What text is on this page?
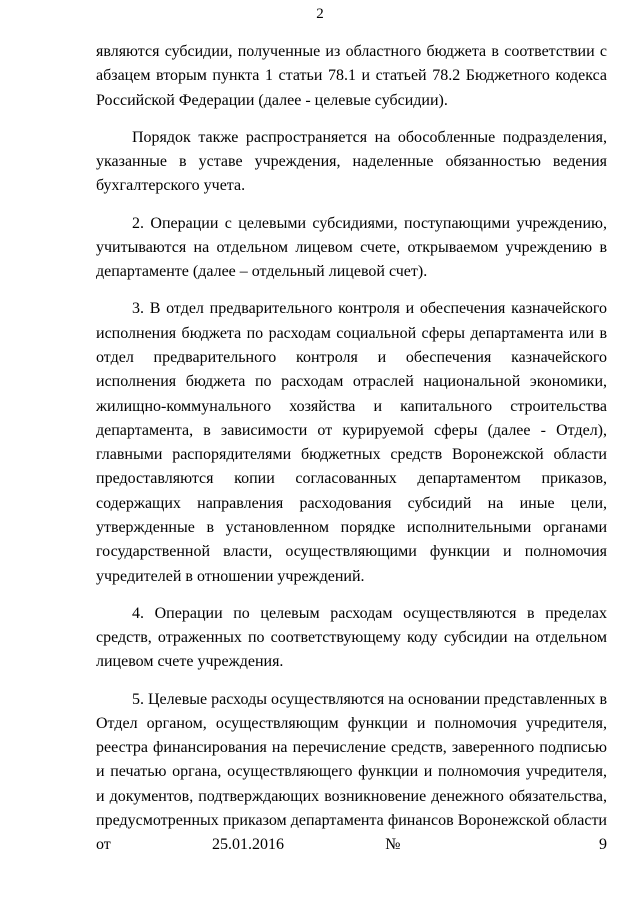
2

являются субсидии, полученные из областного бюджета в соответствии с абзацем вторым пункта 1 статьи 78.1 и статьей 78.2 Бюджетного кодекса Российской Федерации (далее - целевые субсидии).

Порядок также распространяется на обособленные подразделения, указанные в уставе учреждения, наделенные обязанностью ведения бухгалтерского учета.

2. Операции с целевыми субсидиями, поступающими учреждению, учитываются на отдельном лицевом счете, открываемом учреждению в департаменте (далее – отдельный лицевой счет).

3. В отдел предварительного контроля и обеспечения казначейского исполнения бюджета по расходам социальной сферы департамента или в отдел предварительного контроля и обеспечения казначейского исполнения бюджета по расходам отраслей национальной экономики, жилищно-коммунального хозяйства и капитального строительства департамента, в зависимости от курируемой сферы (далее - Отдел), главными распорядителями бюджетных средств Воронежской области предоставляются копии согласованных департаментом приказов, содержащих направления расходования субсидий на иные цели, утвержденные в установленном порядке исполнительными органами государственной власти, осуществляющими функции и полномочия учредителей в отношении учреждений.

4. Операции по целевым расходам осуществляются в пределах средств, отраженных по соответствующему коду субсидии на отдельном лицевом счете учреждения.

5. Целевые расходы осуществляются на основании представленных в Отдел органом, осуществляющим функции и полномочия учредителя, реестра финансирования на перечисление средств, заверенного подписью и печатью органа, осуществляющего функции и полномочия учредителя, и документов, подтверждающих возникновение денежного обязательства, предусмотренных приказом департамента финансов Воронежской области от 25.01.2016 № 9
